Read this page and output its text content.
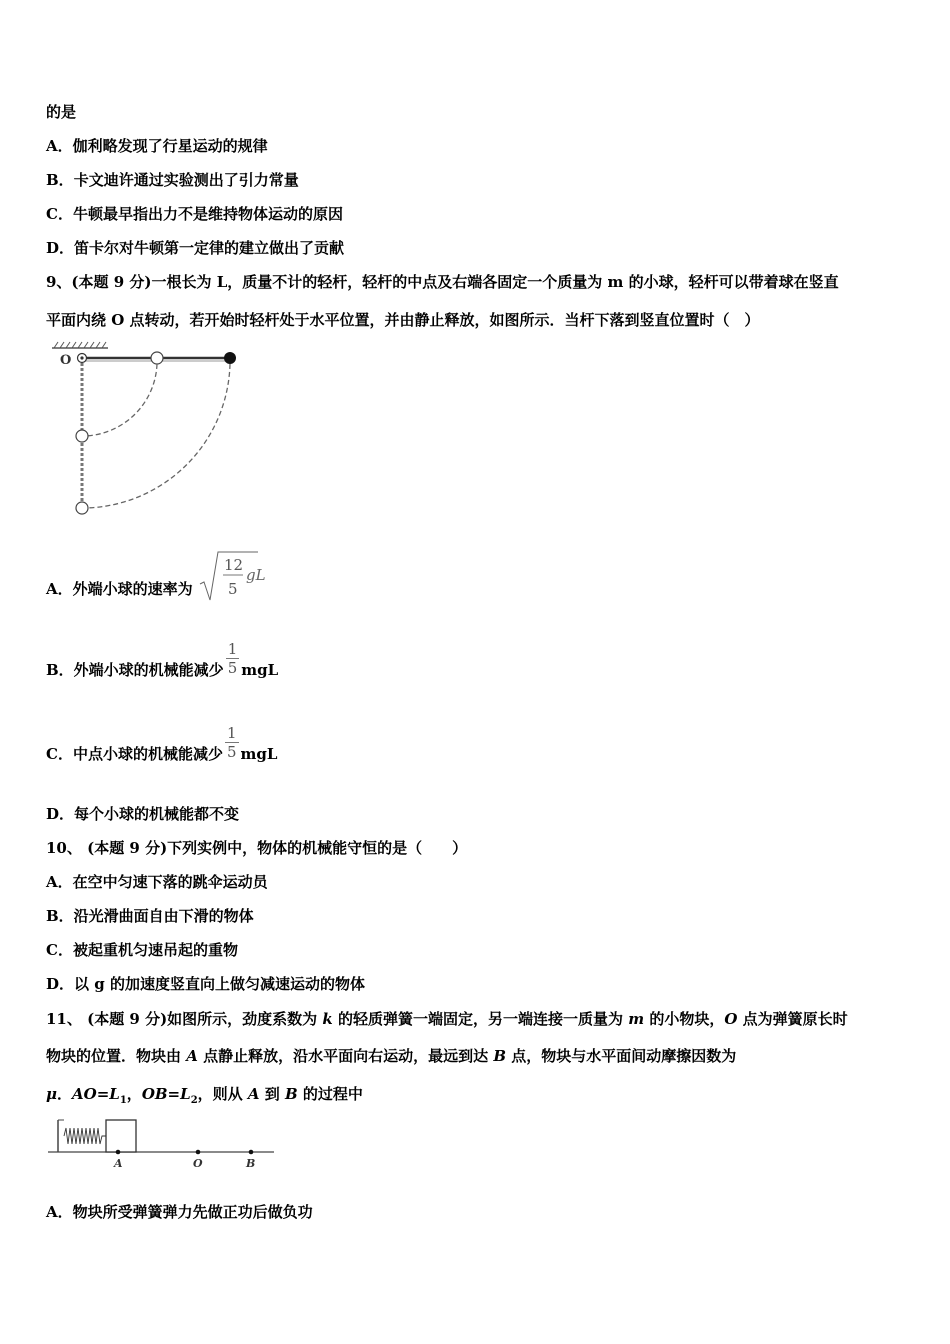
的是
A．伽利略发现了行星运动的规律
B．卡文迪许通过实验测出了引力常量
C．牛顿最早指出力不是维持物体运动的原因
D．笛卡尔对牛顿第一定律的建立做出了贡献
9、(本题 9 分)一根长为 L，质量不计的轻杆，轻杆的中点及右端各固定一个质量为 m 的小球，轻杆可以带着球在竖直
平面内绕 O 点转动，若开始时轻杆处于水平位置，并由静止释放，如图所示．当杆下落到竖直位置时（　）
O
A．外端小球的速率为
12
5
gL
B．外端小球的机械能减少 $\frac{1}{5}$ mgL
C．中点小球的机械能减少 $\frac{1}{5}$ mgL
D．每个小球的机械能都不变
10、 (本题 9 分)下列实例中，物体的机械能守恒的是（　　）
A．在空中匀速下落的跳伞运动员
B．沿光滑曲面自由下滑的物体
C．被起重机匀速吊起的重物
D．以 g 的加速度竖直向上做匀减速运动的物体
11、 (本题 9 分)如图所示，劲度系数为 k 的轻质弹簧一端固定，另一端连接一质量为 m 的小物块，O 点为弹簧原长时
物块的位置．物块由 A 点静止释放，沿水平面向右运动，最远到达 B 点，物块与水平面间动摩擦因数为
μ．$AO=L_1$，$OB=L_2$，则从 A 到 B 的过程中
A	O	B
A．物块所受弹簧弹力先做正功后做负功
